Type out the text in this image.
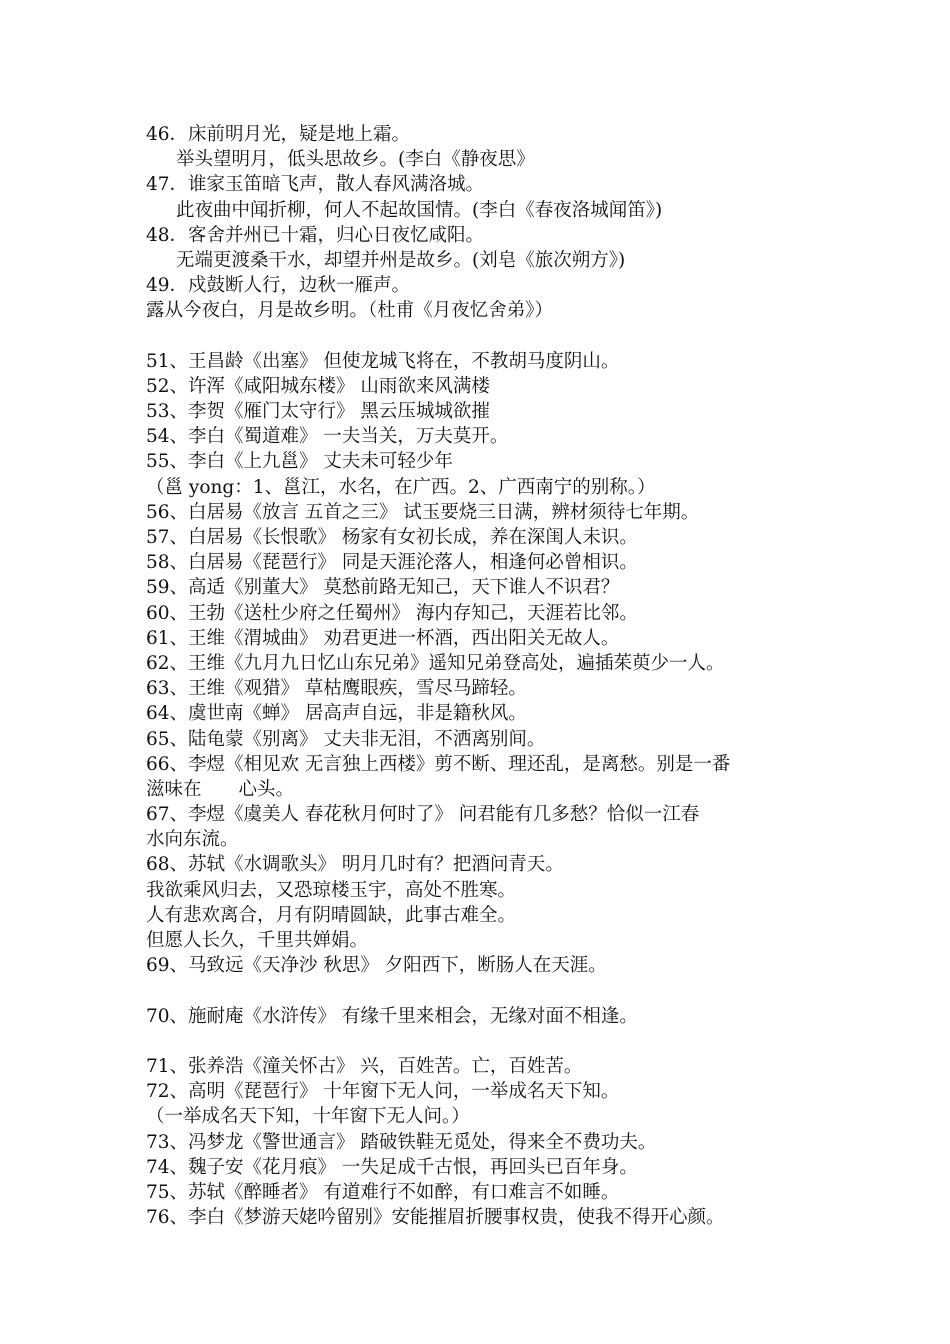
46．床前明月光，疑是地上霜。
举头望明月，低头思故乡。(李白《静夜思》
47．谁家玉笛暗飞声，散人春风满洛城。
此夜曲中闻折柳，何人不起故国情。(李白《春夜洛城闻笛》)
48．客舍并州已十霜，归心日夜忆咸阳。
无端更渡桑干水，却望并州是故乡。(刘皂《旅次朔方》)
49．戍鼓断人行，边秋一雁声。
露从今夜白，月是故乡明。（杜甫《月夜忆舍弟》）
51、王昌龄《出塞》 但使龙城飞将在，不教胡马度阴山。
52、许浑《咸阳城东楼》 山雨欲来风满楼
53、李贺《雁门太守行》 黑云压城城欲摧
54、李白《蜀道难》 一夫当关，万夫莫开。
55、李白《上九邕》 丈夫未可轻少年
（邕 yong：1、邕江，水名，在广西。2、广西南宁的别称。）
56、白居易《放言 五首之三》 试玉要烧三日满，辨材须待七年期。
57、白居易《长恨歌》 杨家有女初长成，养在深闺人未识。
58、白居易《琵琶行》 同是天涯沦落人，相逢何必曾相识。
59、高适《别董大》 莫愁前路无知己，天下谁人不识君？
60、王勃《送杜少府之任蜀州》 海内存知己，天涯若比邻。
61、王维《渭城曲》 劝君更进一杯酒，西出阳关无故人。
62、王维《九月九日忆山东兄弟》遥知兄弟登高处，遍插茱萸少一人。
63、王维《观猎》 草枯鹰眼疾，雪尽马蹄轻。
64、虞世南《蝉》 居高声自远，非是籍秋风。
65、陆龟蒙《别离》 丈夫非无泪，不洒离别间。
66、李煜《相见欢 无言独上西楼》剪不断、理还乱，是离愁。别是一番
滋味在　　心头。
67、李煜《虞美人 春花秋月何时了》 问君能有几多愁？恰似一江春
水向东流。
68、苏轼《水调歌头》 明月几时有？把酒问青天。
我欲乘风归去，又恐琼楼玉宇，高处不胜寒。
人有悲欢离合，月有阴晴圆缺，此事古难全。
但愿人长久，千里共婵娟。
69、马致远《天净沙 秋思》 夕阳西下，断肠人在天涯。
70、施耐庵《水浒传》 有缘千里来相会，无缘对面不相逢。
71、张养浩《潼关怀古》 兴，百姓苦。亡，百姓苦。
72、高明《琵琶行》 十年窗下无人问，一举成名天下知。
（一举成名天下知，十年窗下无人问。）
73、冯梦龙《警世通言》 踏破铁鞋无觅处，得来全不费功夫。
74、魏子安《花月痕》 一失足成千古恨，再回头已百年身。
75、苏轼《醉睡者》 有道难行不如醉，有口难言不如睡。
76、李白《梦游天姥吟留别》安能摧眉折腰事权贵，使我不得开心颜。
